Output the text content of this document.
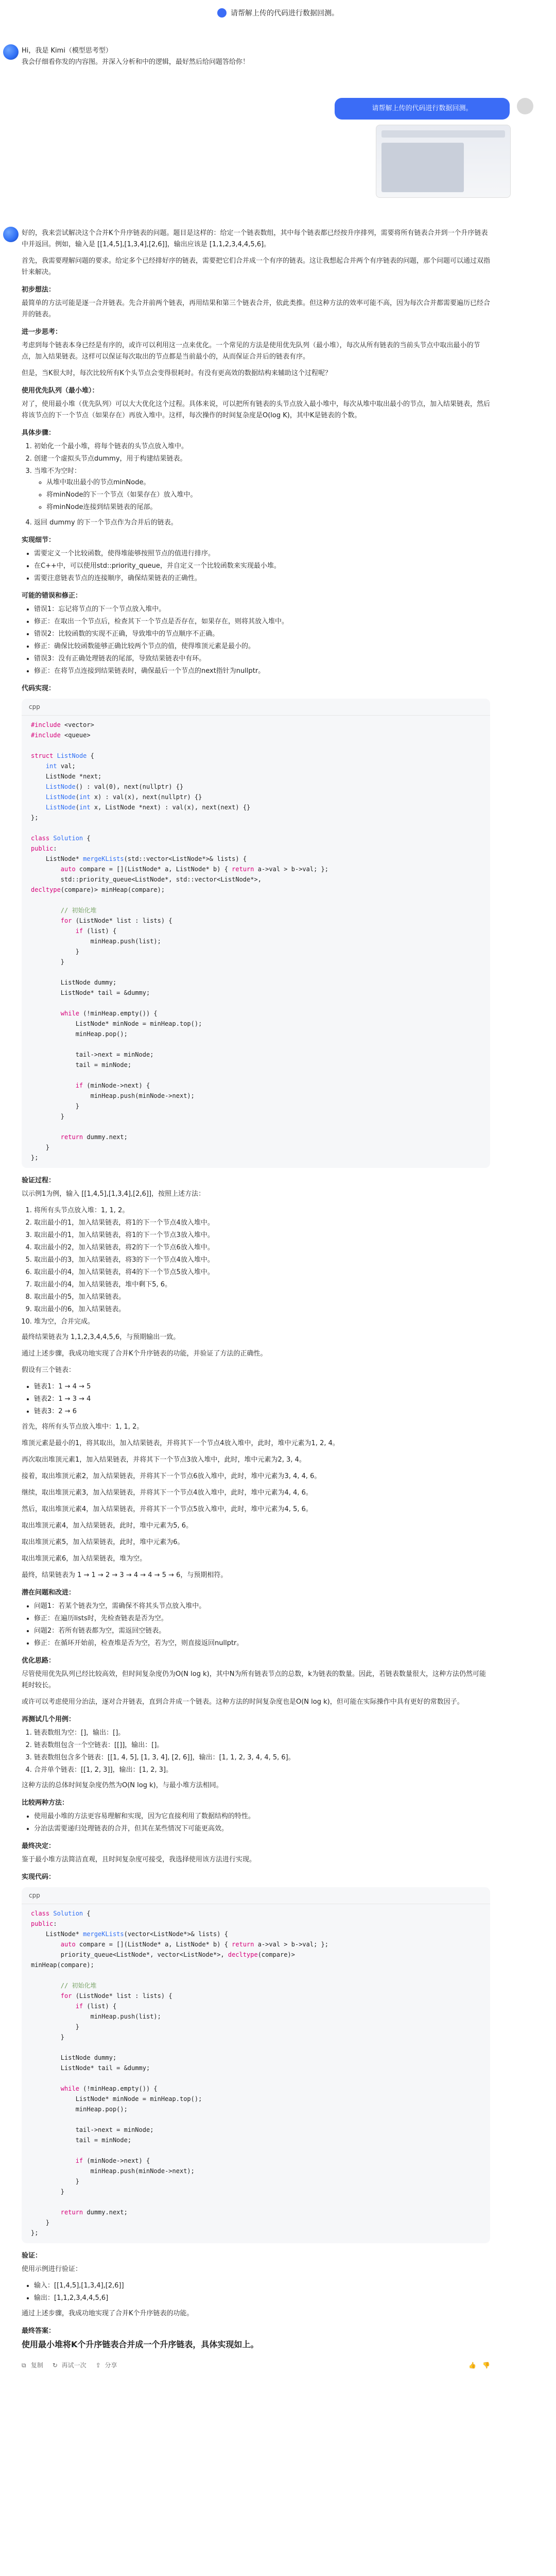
请帮解上传的代码进行数据回测。
Hi，我是 Kimi（模型思考型）
我会仔细看你发的内容图。并深入分析和中的逻辑，最好然后给问题答给你！
请帮解上传的代码进行数据回测。

好的，我来尝试解决这个合并K个升序链表的问题。题目是这样的：给定一个链表数组，其中每个链表都已经按升序排列，需要将所有链表合并到一个升序链表中并返回。例如，输入是 [[1,4,5],[1,3,4],[2,6]]，输出应该是 [1,1,2,3,4,4,5,6]。

首先，我需要理解问题的要求。给定多个已经排好序的链表，需要把它们合并成一个有序的链表。这让我想起合并两个有序链表的问题，那个问题可以通过双指针来解决。

初步想法：

最简单的方法可能是逐一合并链表。先合并前两个链表，再用结果和第三个链表合并，依此类推。但这种方法的效率可能不高，因为每次合并都需要遍历已经合并的链表。

进一步思考：

考虑到每个链表本身已经是有序的，或许可以利用这一点来优化。一个常见的方法是使用优先队列（最小堆），每次从所有链表的当前头节点中取出最小的节点，加入结果链表。这样可以保证每次取出的节点都是当前最小的，从而保证合并后的链表有序。

但是，当K很大时，每次比较所有K个头节点会变得很耗时。有没有更高效的数据结构来辅助这个过程呢？

使用优先队列（最小堆）：

对了，使用最小堆（优先队列）可以大大优化这个过程。具体来说，可以把所有链表的头节点放入最小堆中，每次从堆中取出最小的节点，加入结果链表，然后将该节点的下一个节点（如果存在）再放入堆中。这样，每次操作的时间复杂度是O(log K)，其中K是链表的个数。

具体步骤：
1. 初始化一个最小堆，将每个链表的头节点放入堆中。
2. 创建一个虚拟头节点dummy，用于构建结果链表。
3. 当堆不为空时：
◦ 从堆中取出最小的节点minNode。
◦ 将minNode的下一个节点（如果存在）放入堆中。
◦ 将minNode连接到结果链表的尾部。
4. 返回 dummy 的下一个节点作为合并后的链表。
实现细节：
• 需要定义一个比较函数，使得堆能够按照节点的值进行排序。
• 在C++中，可以使用std::priority_queue，并自定义一个比较函数来实现最小堆。
• 需要注意链表节点的连接顺序，确保结果链表的正确性。
可能的错误和修正：
• 错误1：忘记将节点的下一个节点放入堆中。
• 修正：在取出一个节点后，检查其下一个节点是否存在，如果存在，则将其放入堆中。
• 错误2：比较函数的实现不正确，导致堆中的节点顺序不正确。
• 修正：确保比较函数能够正确比较两个节点的值，使得堆顶元素是最小的。
• 错误3：没有正确处理链表的尾部，导致结果链表中有环。
• 修正：在将节点连接到结果链表时，确保最后一个节点的next指针为nullptr。
代码实现：
cpp
#include <vector>
#include <queue>

struct ListNode {
int val;
ListNode *next;
ListNode() : val(0), next(nullptr) {}
ListNode(int x) : val(x), next(nullptr) {}
ListNode(int x, ListNode *next) : val(x), next(next) {}
};

class Solution {
public:
ListNode* mergeKLists(std::vector<ListNode*>& lists) {
auto compare = [](ListNode* a, ListNode* b) { return a->val > b->val; };
std::priority_queue<ListNode*, std::vector<ListNode*>,
decltype(compare)> minHeap(compare);

// 初始化堆
for (ListNode* list : lists) {
if (list) {
minHeap.push(list);
}
}

ListNode dummy;
ListNode* tail = &dummy;

while (!minHeap.empty()) {
ListNode* minNode = minHeap.top();
minHeap.pop();

tail->next = minNode;
tail = minNode;

if (minNode->next) {
minHeap.push(minNode->next);
}
}

return dummy.next;
}
};
验证过程：

以示例1为例，输入 [[1,4,5],[1,3,4],[2,6]]，按照上述方法：

1. 将所有头节点放入堆：1, 1, 2。
2. 取出最小的1，加入结果链表，将1的下一个节点4放入堆中。
3. 取出最小的1，加入结果链表，将1的下一个节点3放入堆中。
4. 取出最小的2，加入结果链表，将2的下一个节点6放入堆中。
5. 取出最小的3，加入结果链表，将3的下一个节点4放入堆中。
6. 取出最小的4，加入结果链表，将4的下一个节点5放入堆中。
7. 取出最小的4，加入结果链表，堆中剩下5, 6。
8. 取出最小的5，加入结果链表。
9. 取出最小的6，加入结果链表。
10. 堆为空，合并完成。

最终结果链表为 1,1,2,3,4,4,5,6，与预期输出一致。

通过上述步骤，我成功地实现了合并K个升序链表的功能，并验证了方法的正确性。

假设有三个链表：

• 链表1：1 → 4 → 5
• 链表2：1 → 3 → 4
• 链表3：2 → 6

首先，将所有头节点放入堆中：1, 1, 2。

堆顶元素是最小的1，将其取出，加入结果链表，并将其下一个节点4放入堆中，此时，堆中元素为1, 2, 4。

再次取出堆顶元素1，加入结果链表，并将其下一个节点3放入堆中，此时，堆中元素为2, 3, 4。

接着，取出堆顶元素2，加入结果链表，并将其下一个节点6放入堆中，此时，堆中元素为3, 4, 4, 6。

继续，取出堆顶元素3，加入结果链表，并将其下一个节点4放入堆中，此时，堆中元素为4, 4, 6。

然后，取出堆顶元素4，加入结果链表，并将其下一个节点5放入堆中，此时，堆中元素为4, 5, 6。

取出堆顶元素4，加入结果链表，此时，堆中元素为5, 6。

取出堆顶元素5，加入结果链表，此时，堆中元素为6。

取出堆顶元素6，加入结果链表，堆为空。

最终，结果链表为 1 → 1 → 2 → 3 → 4 → 4 → 5 → 6，与预期相符。

潜在问题和改进：
• 问题1：若某个链表为空，需确保不将其头节点放入堆中。
• 修正：在遍历lists时，先检查链表是否为空。
• 问题2：若所有链表都为空，需返回空链表。
• 修正：在循环开始前，检查堆是否为空，若为空，则直接返回nullptr。
优化思路：

尽管使用优先队列已经比较高效，但时间复杂度仍为O(N log k)，其中N为所有链表节点的总数，k为链表的数量。因此，若链表数量很大，这种方法仍然可能耗时较长。

或许可以考虑使用分治法，逐对合并链表，直到合并成一个链表。这种方法的时间复杂度也是O(N log k)，但可能在实际操作中具有更好的常数因子。

再测试几个用例：
1. 链表数组为空：[]，输出：[]。
2. 链表数组包含一个空链表：[[]]，输出：[]。
3. 链表数组包含多个链表：[[1, 4, 5], [1, 3, 4], [2, 6]]，输出：[1, 1, 2, 3, 4, 4, 5, 6]。
4. 合并单个链表：[[1, 2, 3]]，输出：[1, 2, 3]。

这种方法的总体时间复杂度仍然为O(N log k)，与最小堆方法相同。

比较两种方法：
• 使用最小堆的方法更容易理解和实现，因为它直接利用了数据结构的特性。
• 分治法需要递归处理链表的合并，但其在某些情况下可能更高效。
最终决定：

鉴于最小堆方法简洁直观，且时间复杂度可接受，我选择使用该方法进行实现。

实现代码：
cpp
class Solution {
public:
ListNode* mergeKLists(vector<ListNode*>& lists) {
auto compare = [](ListNode* a, ListNode* b) { return a->val > b->val; };
priority_queue<ListNode*, vector<ListNode*>, decltype(compare)>
minHeap(compare);

// 初始化堆
for (ListNode* list : lists) {
if (list) {
minHeap.push(list);
}
}

ListNode dummy;
ListNode* tail = &dummy;

while (!minHeap.empty()) {
ListNode* minNode = minHeap.top();
minHeap.pop();

tail->next = minNode;
tail = minNode;

if (minNode->next) {
minHeap.push(minNode->next);
}
}

return dummy.next;
}
};
验证：

使用示例进行验证：

• 输入：[[1,4,5],[1,3,4],[2,6]]
• 输出：[1,1,2,3,4,4,5,6]

通过上述步骤，我成功地实现了合并K个升序链表的功能。

最终答案：

使用最小堆将K个升序链表合并成一个升序链表，具体实现如上。

⧉ 复制 ↻ 再试一次 ⇪ 分享	👍 👎
